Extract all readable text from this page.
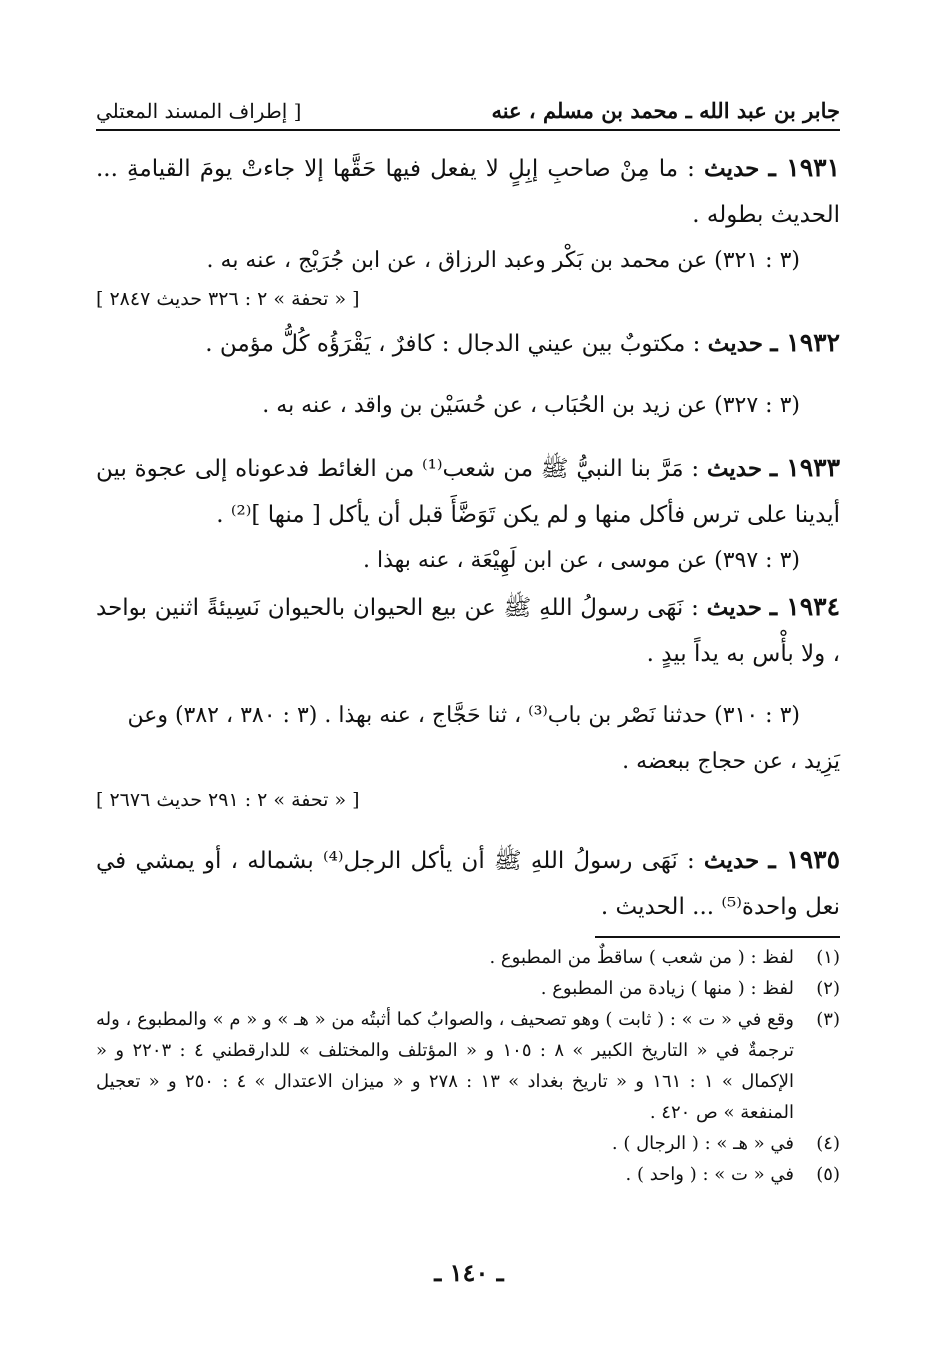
جابر بن عبد الله ـ محمد بن مسلم ، عنه
[ إطراف المسند المعتلي

١٩٣١ ـ حديث : ما مِنْ صاحبِ إبِلٍ لا يفعل فيها حَقَّها إلا جاءتْ يومَ القيامةِ ... الحديث بطوله .

(٣ : ٣٢١) عن محمد بن بَكْر وعبد الرزاق ، عن ابن جُرَيْج ، عنه به .

[ « تحفة » ٢ : ٣٢٦ حديث ٢٨٤٧ ]

١٩٣٢ ـ حديث : مكتوبٌ بين عيني الدجال : كافرٌ ، يَقْرَؤُه كُلُّ مؤمن .

(٣ : ٣٢٧) عن زيد بن الحُبَاب ، عن حُسَيْن بن واقد ، عنه به .

١٩٣٣ ـ حديث : مَرَّ بنا النبيُّ ﷺ من شعب⁽¹⁾ من الغائط فدعوناه إلى عجوة بين أيدينا على ترس فأكل منها و لم يكن تَوَضَّأَ قبل أن يأكل [ منها ]⁽²⁾ .

(٣ : ٣٩٧) عن موسى ، عن ابن لَهِيْعَة ، عنه بهذا .

١٩٣٤ ـ حديث : نَهَى رسولُ اللهِ ﷺ عن بيع الحيوان بالحيوان نَسِيئةً اثنين بواحد ، ولا بأْس به يداً بيدٍ .

(٣ : ٣١٠) حدثنا نَصْر بن باب⁽³⁾ ، ثنا حَجَّاج ، عنه بهذا . (٣ : ٣٨٠ ، ٣٨٢) وعن يَزِيد ، عن حجاج ببعضه .

[ « تحفة » ٢ : ٢٩١ حديث ٢٦٧٦ ]

١٩٣٥ ـ حديث : نَهَى رسولُ اللهِ ﷺ أن يأكل الرجل⁽⁴⁾ بشماله ، أو يمشي في نعل واحدة⁽⁵⁾ ... الحديث .

(١)
لفظ : ( من شعب ) ساقطٌ من المطبوع .
(٢)
لفظ : ( منها ) زيادة من المطبوع .
(٣)
وقع في « ت » : ( ثابت ) وهو تصحيف ، والصوابُ كما أثبتُه من « هـ » و « م » والمطبوع ، وله ترجمةٌ في « التاريخ الكبير » ٨ : ١٠٥ و « المؤتلف والمختلف » للدارقطني ٤ : ٢٢٠٣ و « الإكمال » ١ : ١٦١ و « تاريخ بغداد » ١٣ : ٢٧٨ و « ميزان الاعتدال » ٤ : ٢٥٠ و « تعجيل المنفعة » ص ٤٢٠ .
(٤)
في « هـ » : ( الرجال ) .
(٥)
في « ت » : ( واحد ) .
ـ ١٤٠ ـ
